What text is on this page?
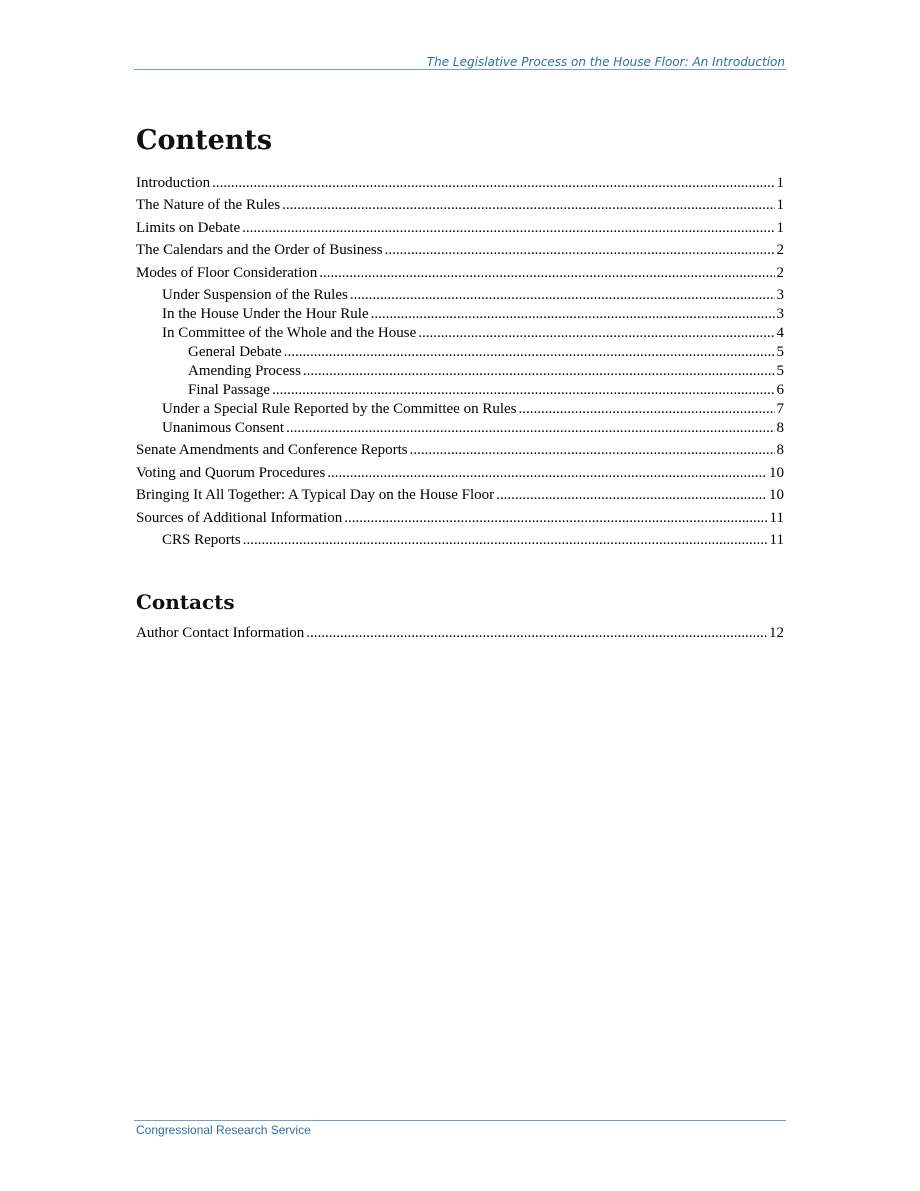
The Legislative Process on the House Floor: An Introduction
Contents
Introduction .....	1
The Nature of the Rules .....	1
Limits on Debate .....	1
The Calendars and the Order of Business .....	2
Modes of Floor Consideration .....	2
Under Suspension of the Rules .....	3
In the House Under the Hour Rule .....	3
In Committee of the Whole and the House .....	4
General Debate .....	5
Amending Process .....	5
Final Passage .....	6
Under a Special Rule Reported by the Committee on Rules .....	7
Unanimous Consent .....	8
Senate Amendments and Conference Reports .....	8
Voting and Quorum Procedures .....	10
Bringing It All Together: A Typical Day on the House Floor .....	10
Sources of Additional Information .....	11
CRS Reports .....	11
Contacts
Author Contact Information .....	12
Congressional Research Service
